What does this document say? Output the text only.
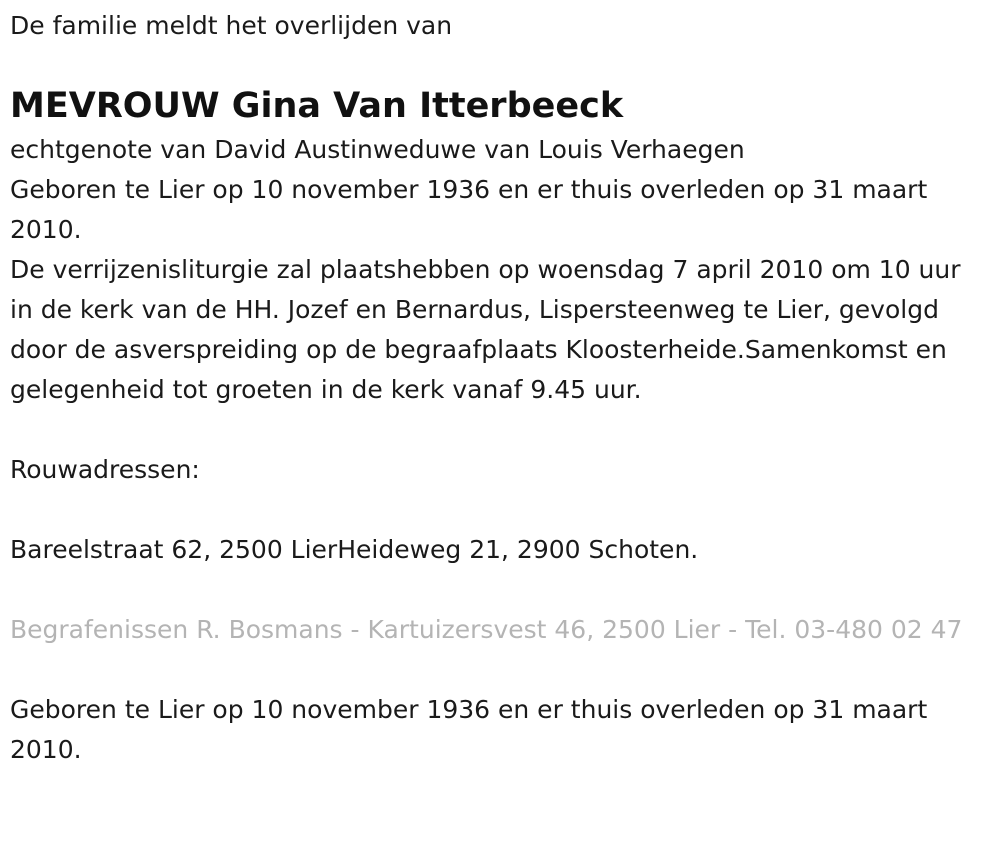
De familie meldt het overlijden van

MEVROUW Gina Van Itterbeeck

echtgenote van David Austinweduwe van Louis Verhaegen

Geboren te Lier op 10 november 1936 en er thuis overleden op 31 maart 2010.

De verrijzenisliturgie zal plaatshebben op woensdag 7 april 2010 om 10 uur in de kerk van de HH. Jozef en Bernardus, Lispersteenweg te Lier, gevolgd door de asverspreiding op de begraafplaats Kloosterheide.Samenkomst en gelegenheid tot groeten in de kerk vanaf 9.45 uur.

Rouwadressen:

Bareelstraat 62, 2500 LierHeideweg 21, 2900 Schoten.

Begrafenissen R. Bosmans - Kartuizersvest 46, 2500 Lier - Tel. 03-480 02 47

Geboren te Lier op 10 november 1936 en er thuis overleden op 31 maart 2010.
